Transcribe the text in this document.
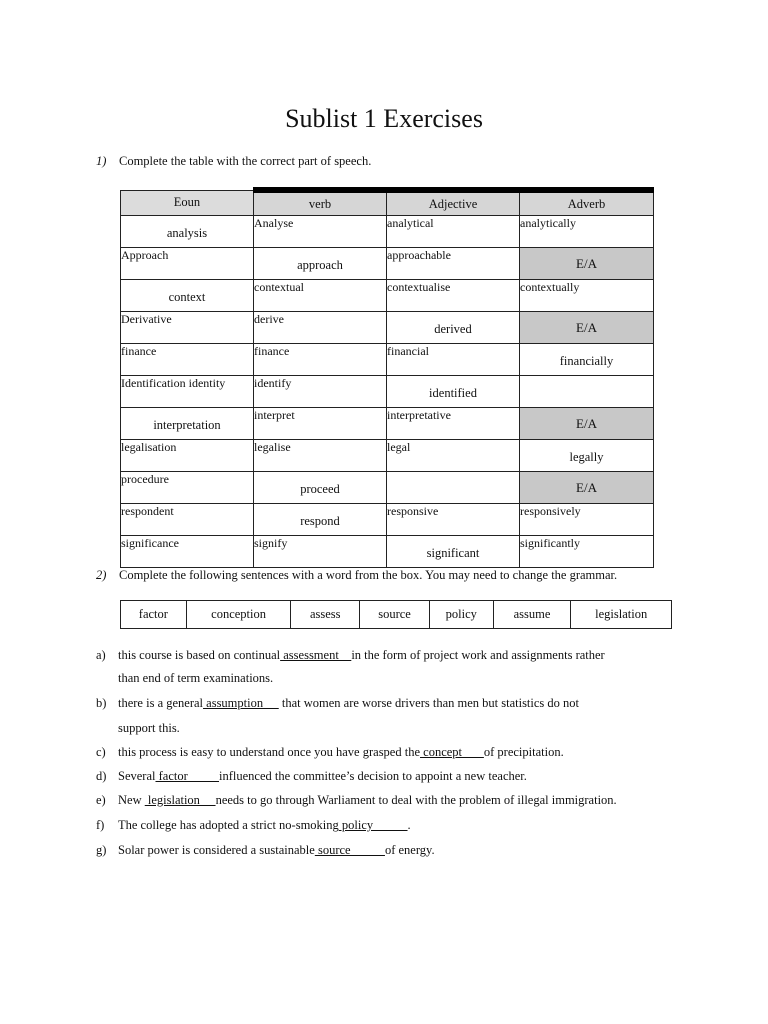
Sublist 1 Exercises
1) Complete the table with the correct part of speech.
Eoun	verb	Adjective	Adverb
analysis	Analyse	analytical	analytically
Approach	approach	approachable	E/A
context	contextual	contextualise	contextually
Derivative	derive	derived	E/A
finance	finance	financial	financially
Identification identity	identify	identified	
interpretation	interpret	interpretative	E/A
legalisation	legalise	legal	legally
procedure	proceed		E/A
respondent	respond	responsive	responsively
significance	signify	significant	significantly
2) Complete the following sentences with a word from the box. You may need to change the grammar.
factor	conception	assess	source	policy	assume	legislation
a) this course is based on continual assessment    in the form of project work and assignments rather
than end of term examinations.
b) there is a general assumption      that women are worse drivers than men but statistics do not
support this.
c) this process is easy to understand once you have grasped the concept       of precipitation.
d) Several factor          influenced the committee’s decision to appoint a new teacher.
e) New  legislation     needs to go through Warliament to deal with the problem of illegal immigration.
f) The college has adopted a strict no-smoking policy           .
g) Solar power is considered a sustainable source           of energy.
